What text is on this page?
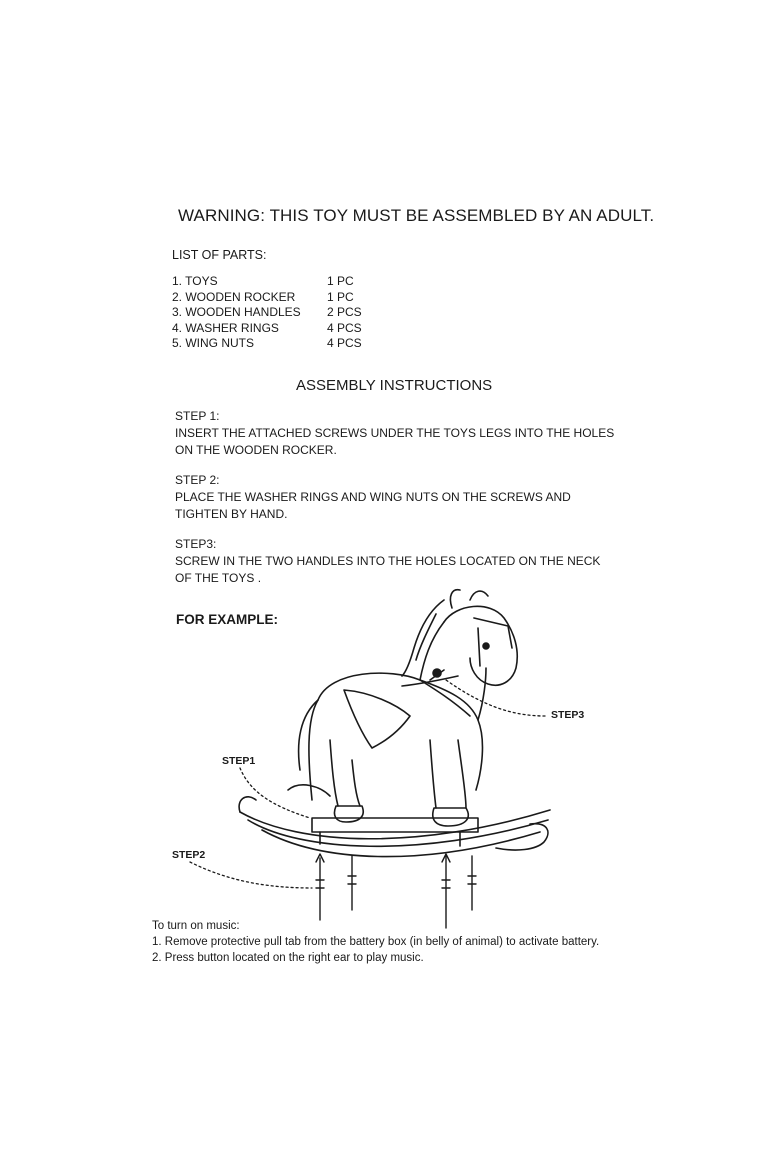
WARNING: THIS TOY MUST BE ASSEMBLED BY AN ADULT.
LIST OF PARTS:
1. TOYS	1 PC
2. WOODEN ROCKER	1 PC
3. WOODEN HANDLES	2 PCS
4. WASHER RINGS	4 PCS
5. WING NUTS	4 PCS
ASSEMBLY INSTRUCTIONS
STEP 1:
INSERT THE ATTACHED SCREWS UNDER THE TOYS LEGS INTO THE HOLES ON THE WOODEN ROCKER.
STEP 2:
PLACE THE WASHER RINGS AND WING NUTS ON THE SCREWS AND TIGHTEN BY HAND.
STEP3:
SCREW IN THE TWO HANDLES INTO THE HOLES LOCATED ON THE NECK OF THE TOYS .
FOR EXAMPLE:
STEP1
STEP2
STEP3
To turn on music:
1. Remove protective pull tab from the battery box (in belly of animal) to activate battery.
2. Press button located on the right ear to play music.
